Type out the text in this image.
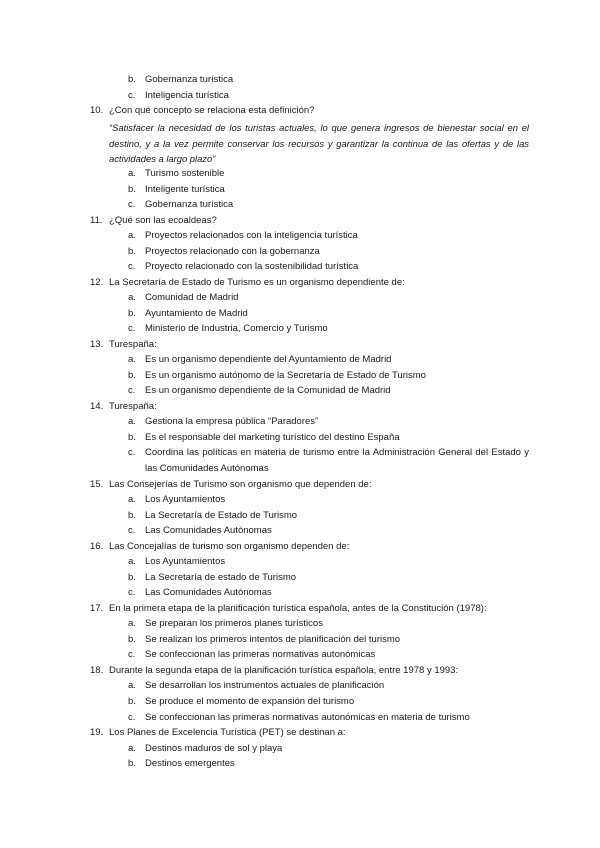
b. Gobernanza turística
c. Inteligencia turística
10. ¿Con qué concepto se relaciona esta definición?
“Satisfacer la necesidad de los turistas actuales, lo que genera ingresos de bienestar social en el destino, y a la vez permite conservar los recursos y garantizar la continua de las ofertas y de las actividades a largo plazo”
a. Turismo sostenible
b. Inteligente turística
c. Gobernanza turística
11. ¿Qué son las ecoaldeas?
a. Proyectos relacionados con la inteligencia turística
b. Proyectos relacionado con la gobernanza
c. Proyecto relacionado con la sostenibilidad turística
12. La Secretaría de Estado de Turismo es un organismo dependiente de:
a. Comunidad de Madrid
b. Ayuntamiento de Madrid
c. Ministerio de Industria, Comercio y Turismo
13. Turespaña:
a. Es un organismo dependiente del Ayuntamiento de Madrid
b. Es un organismo autónomo de la Secretaría de Estado de Turismo
c. Es un organismo dependiente de la Comunidad de Madrid
14. Turespaña:
a. Gestiona la empresa pública “Paradores”
b. Es el responsable del marketing turístico del destino España
c. Coordina las políticas en materia de turismo entre la Administración General del Estado y las Comunidades Autónomas
15. Las Consejerías de Turismo son organismo que dependen de:
a. Los Ayuntamientos
b. La Secretaría de Estado de Turismo
c. Las Comunidades Autónomas
16. Las Concejalías de turismo son organismo dependen de:
a. Los Ayuntamientos
b. La Secretaría de estado de Turismo
c. Las Comunidades Autónomas
17. En la primera etapa de la planificación turística española, antes de la Constitución (1978):
a. Se preparan los primeros planes turísticos
b. Se realizan los primeros intentos de planificación del turismo
c. Se confeccionan las primeras normativas autonómicas
18. Durante la segunda etapa de la planificación turística española, entre 1978 y 1993:
a. Se desarrollan los instrumentos actuales de planificación
b. Se produce el momento de expansión del turismo
c. Se confeccionan las primeras normativas autonómicas en materia de turismo
19. Los Planes de Excelencia Turística (PET) se destinan a:
a. Destinos maduros de sol y playa
b. Destinos emergentes
